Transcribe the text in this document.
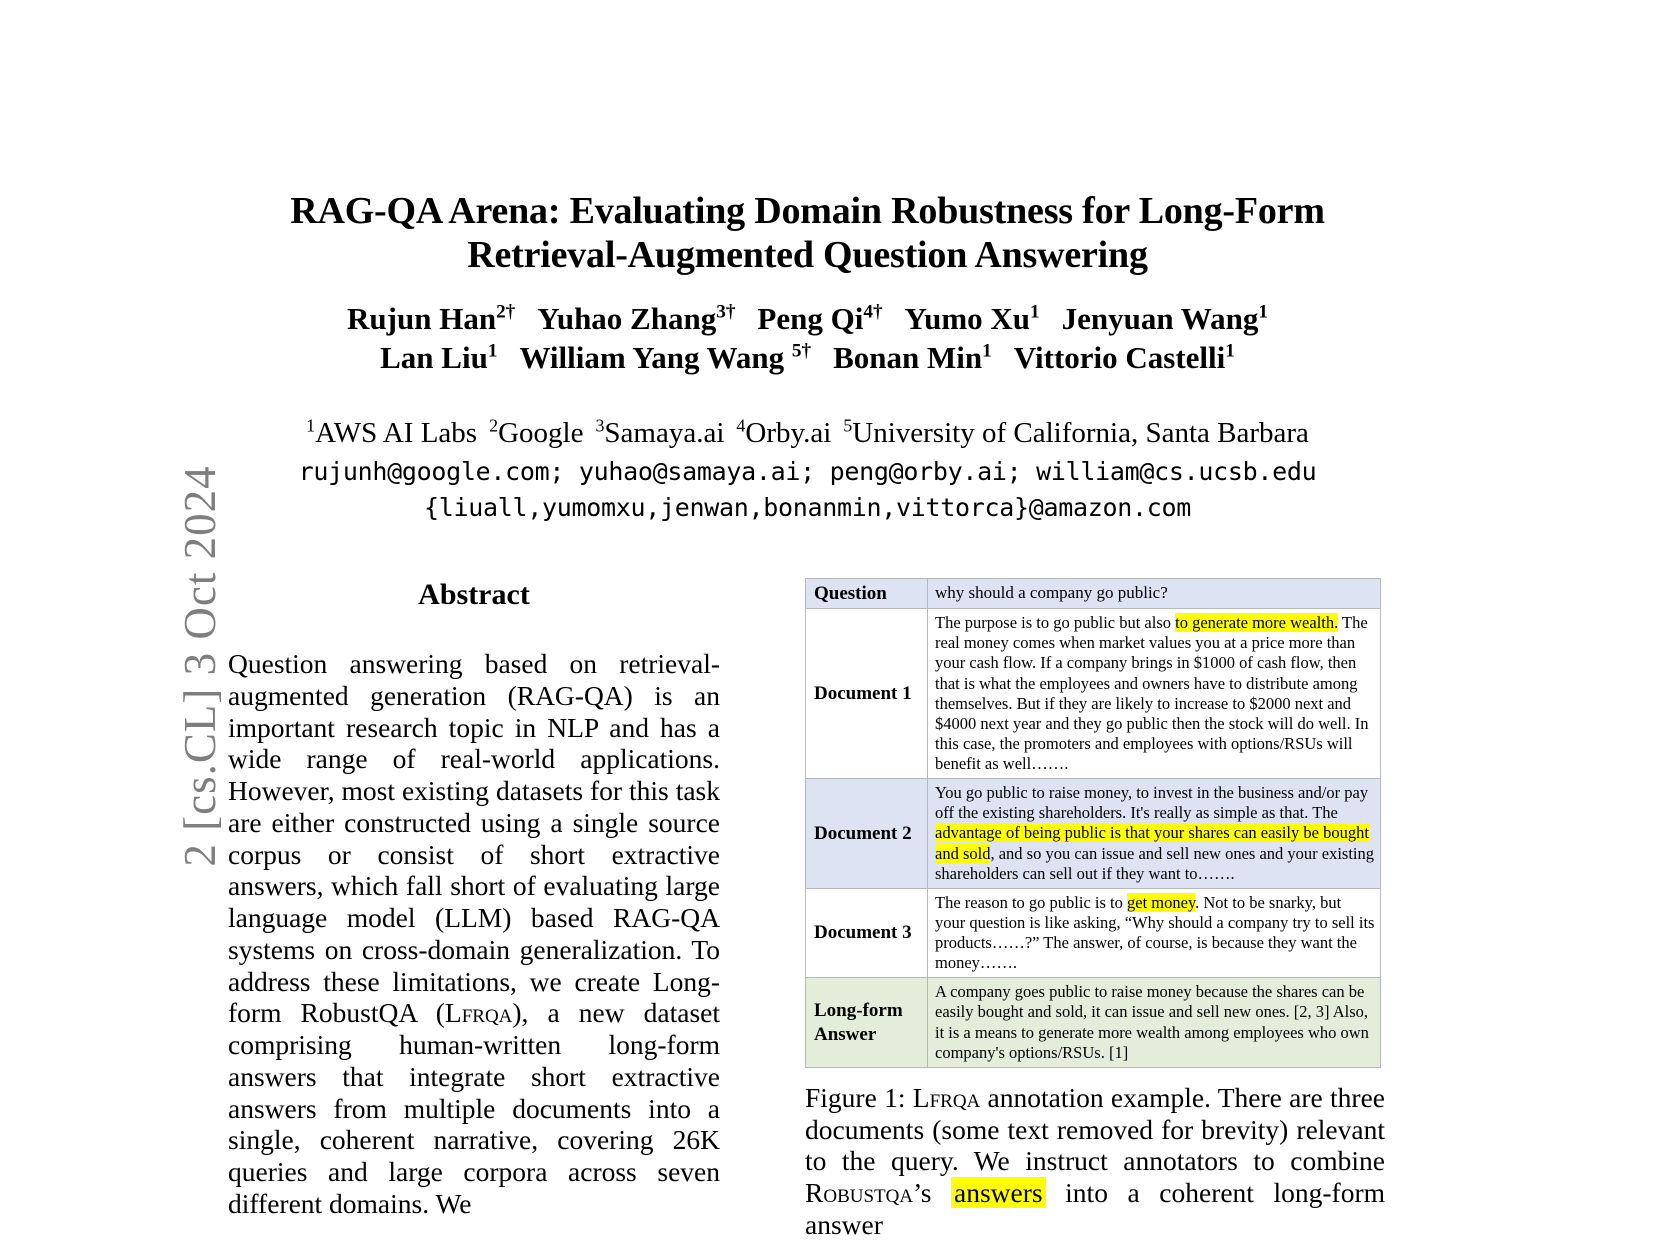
2 [cs.CL] 3 Oct 2024
RAG-QA Arena: Evaluating Domain Robustness for Long-Form
Retrieval-Augmented Question Answering
Rujun Han$^{2\dagger}$ Yuhao Zhang$^{3\dagger}$ Peng $Qi^{4\dagger}$ Yumo Xu$^1$ Jenyuan Wang$^1$
Lan Liu$^1$ William Yang Wang $^{5\dagger}$ Bonan Min$^1$ Vittorio Castelli$^1$
$^1$AWS AI Labs $^2$Google $^3$Samaya.ai $^4$Orby.ai $^5$University of California, Santa Barbara
rujunh@google.com; yuhao@samaya.ai; peng@orby.ai; william@cs.ucsb.edu
{liuall,yumomxu,jenwan,bonanmin,vittorca}@amazon.com
Abstract
Question answering based on retrieval-augmented generation (RAG-QA) is an important research topic in NLP and has a wide range of real-world applications. However, most existing datasets for this task are either constructed using a single source corpus or consist of short extractive answers, which fall short of evaluating large language model (LLM) based RAG-QA systems on cross-domain generalization. To address these limitations, we create Long-form RobustQA (Lfrqa), a new dataset comprising human-written long-form answers that integrate short extractive answers from multiple documents into a single, coherent narrative, covering 26K queries and large corpora across seven different domains. We
Question	why should a company go public?
Document 1	The purpose is to go public but also to generate more wealth. The real money comes when market values you at a price more than your cash flow. If a company brings in $1000 of cash flow, then that is what the employees and owners have to distribute among themselves. But if they are likely to increase to $2000 next and $4000 next year and they go public then the stock will do well. In this case, the promoters and employees with options/RSUs will benefit as well…….
Document 2	You go public to raise money, to invest in the business and/or pay off the existing shareholders. It's really as simple as that. The advantage of being public is that your shares can easily be bought and sold, and so you can issue and sell new ones and your existing shareholders can sell out if they want to…….
Document 3	The reason to go public is to get money. Not to be snarky, but your question is like asking, “Why should a company try to sell its products……?” The answer, of course, is because they want the money…….
Long-form Answer	A company goes public to raise money because the shares can be easily bought and sold, it can issue and sell new ones. [2, 3] Also, it is a means to generate more wealth among employees who own company's options/RSUs. [1]
Figure 1: Lfrqa annotation example. There are three documents (some text removed for brevity) relevant to the query. We instruct annotators to combine Robustqa’s answers into a coherent long-form answer
